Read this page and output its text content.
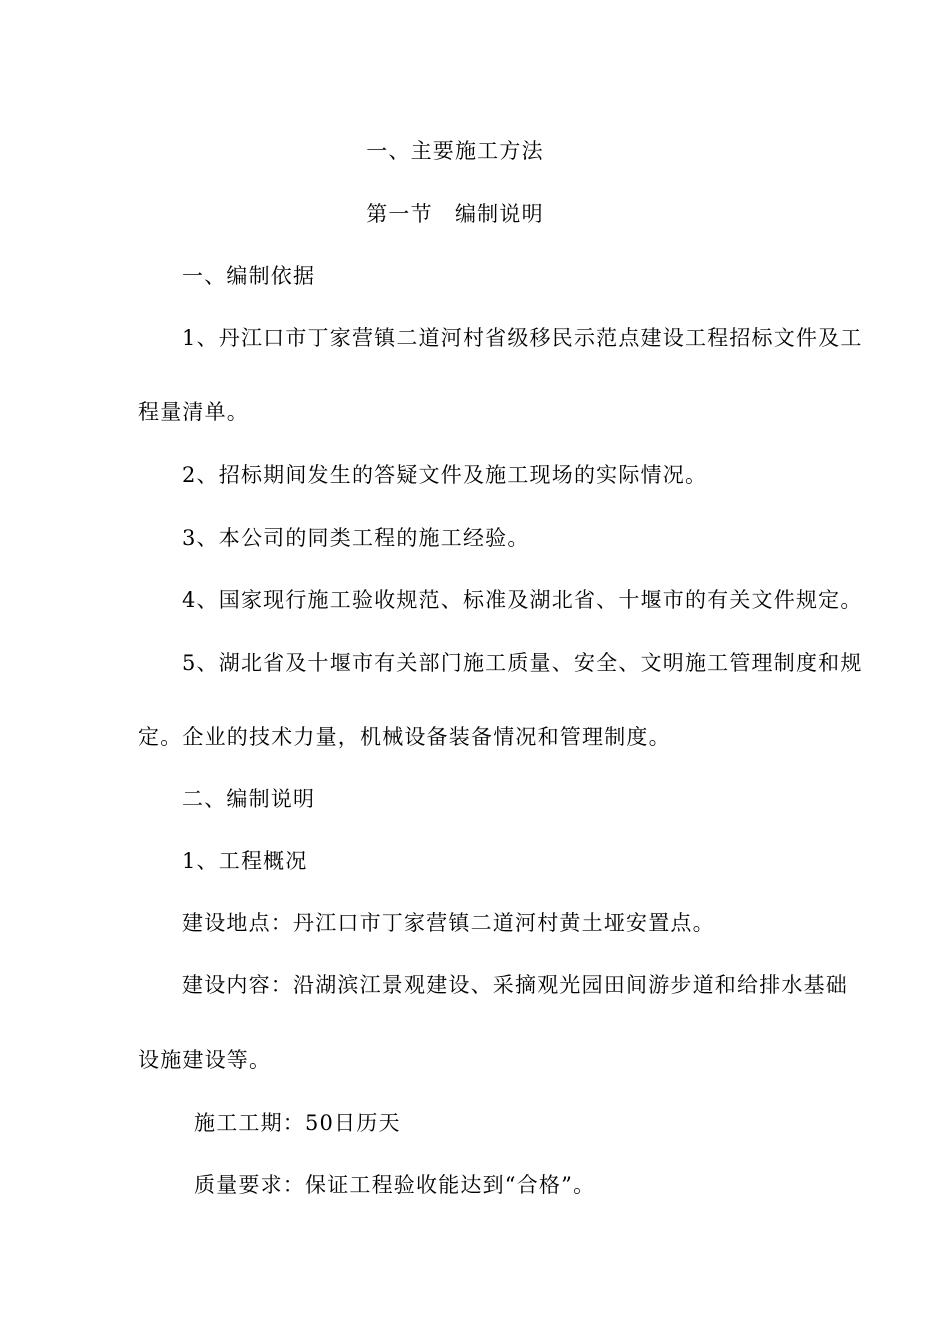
一、主要施工方法
第一节　编制说明
一、编制依据
1、丹江口市丁家营镇二道河村省级移民示范点建设工程招标文件及工
程量清单。
2、招标期间发生的答疑文件及施工现场的实际情况。
3、本公司的同类工程的施工经验。
4、国家现行施工验收规范、标准及湖北省、十堰市的有关文件规定。
5、湖北省及十堰市有关部门施工质量、安全、文明施工管理制度和规
定。企业的技术力量，机械设备装备情况和管理制度。
二、编制说明
1、工程概况
建设地点：丹江口市丁家营镇二道河村黄土垭安置点。
建设内容：沿湖滨江景观建设、采摘观光园田间游步道和给排水基础
设施建设等。
施工工期：50日历天
质量要求：保证工程验收能达到“合格”。
